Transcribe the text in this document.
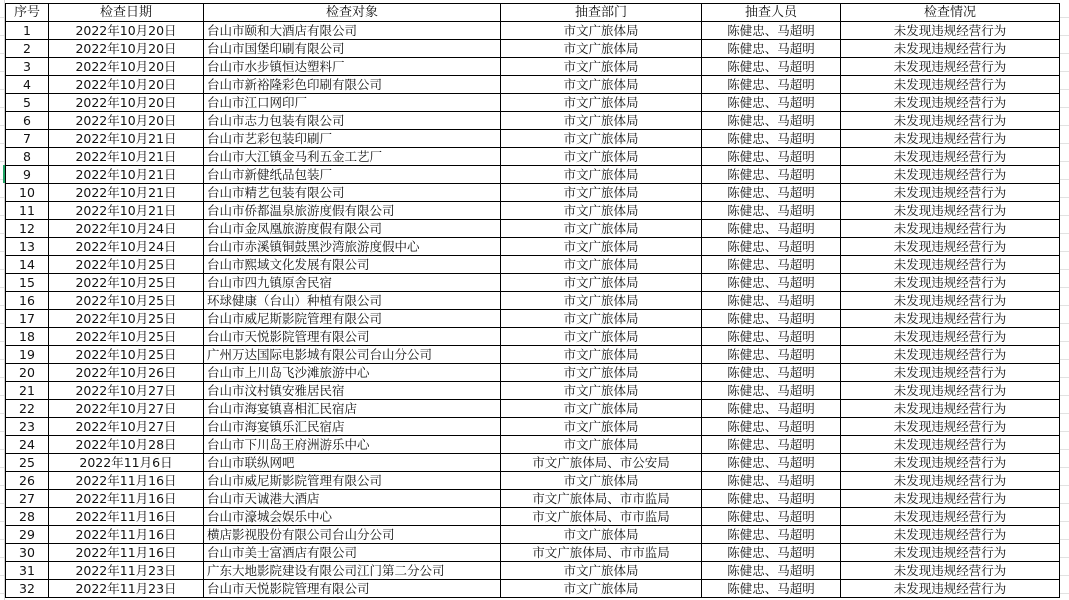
序号	检查日期	检查对象	抽查部门	抽查人员	检查情况
1	2022年10月20日	台山市颐和大酒店有限公司	市文广旅体局	陈健忠、马超明	未发现违规经营行为
2	2022年10月20日	台山市国堡印刷有限公司	市文广旅体局	陈健忠、马超明	未发现违规经营行为
3	2022年10月20日	台山市水步镇恒达塑料厂	市文广旅体局	陈健忠、马超明	未发现违规经营行为
4	2022年10月20日	台山市新裕隆彩色印刷有限公司	市文广旅体局	陈健忠、马超明	未发现违规经营行为
5	2022年10月20日	台山市江口网印厂	市文广旅体局	陈健忠、马超明	未发现违规经营行为
6	2022年10月20日	台山市志力包装有限公司	市文广旅体局	陈健忠、马超明	未发现违规经营行为
7	2022年10月21日	台山市艺彩包装印刷厂	市文广旅体局	陈健忠、马超明	未发现违规经营行为
8	2022年10月21日	台山市大江镇金马利五金工艺厂	市文广旅体局	陈健忠、马超明	未发现违规经营行为
9	2022年10月21日	台山市新健纸品包装厂	市文广旅体局	陈健忠、马超明	未发现违规经营行为
10	2022年10月21日	台山市精艺包装有限公司	市文广旅体局	陈健忠、马超明	未发现违规经营行为
11	2022年10月21日	台山市侨都温泉旅游度假有限公司	市文广旅体局	陈健忠、马超明	未发现违规经营行为
12	2022年10月24日	台山市金凤凰旅游度假有限公司	市文广旅体局	陈健忠、马超明	未发现违规经营行为
13	2022年10月24日	台山市赤溪镇铜鼓黑沙湾旅游度假中心	市文广旅体局	陈健忠、马超明	未发现违规经营行为
14	2022年10月25日	台山市熙域文化发展有限公司	市文广旅体局	陈健忠、马超明	未发现违规经营行为
15	2022年10月25日	台山市四九镇原舍民宿	市文广旅体局	陈健忠、马超明	未发现违规经营行为
16	2022年10月25日	环球健康（台山）种植有限公司	市文广旅体局	陈健忠、马超明	未发现违规经营行为
17	2022年10月25日	台山市威尼斯影院管理有限公司	市文广旅体局	陈健忠、马超明	未发现违规经营行为
18	2022年10月25日	台山市天悦影院管理有限公司	市文广旅体局	陈健忠、马超明	未发现违规经营行为
19	2022年10月25日	广州万达国际电影城有限公司台山分公司	市文广旅体局	陈健忠、马超明	未发现违规经营行为
20	2022年10月26日	台山市上川岛飞沙滩旅游中心	市文广旅体局	陈健忠、马超明	未发现违规经营行为
21	2022年10月27日	台山市汶村镇安雅居民宿	市文广旅体局	陈健忠、马超明	未发现违规经营行为
22	2022年10月27日	台山市海宴镇喜相汇民宿店	市文广旅体局	陈健忠、马超明	未发现违规经营行为
23	2022年10月27日	台山市海宴镇乐汇民宿店	市文广旅体局	陈健忠、马超明	未发现违规经营行为
24	2022年10月28日	台山市下川岛王府洲游乐中心	市文广旅体局	陈健忠、马超明	未发现违规经营行为
25	2022年11月6日	台山市联纵网吧	市文广旅体局、市公安局	陈健忠、马超明	未发现违规经营行为
26	2022年11月16日	台山市威尼斯影院管理有限公司	市文广旅体局	陈健忠、马超明	未发现违规经营行为
27	2022年11月16日	台山市天诚港大酒店	市文广旅体局、市市监局	陈健忠、马超明	未发现违规经营行为
28	2022年11月16日	台山市濠城会娱乐中心	市文广旅体局、市市监局	陈健忠、马超明	未发现违规经营行为
29	2022年11月16日	横店影视股份有限公司台山分公司	市文广旅体局	陈健忠、马超明	未发现违规经营行为
30	2022年11月16日	台山市美士富酒店有限公司	市文广旅体局、市市监局	陈健忠、马超明	未发现违规经营行为
31	2022年11月23日	广东大地影院建设有限公司江门第二分公司	市文广旅体局	陈健忠、马超明	未发现违规经营行为
32	2022年11月23日	台山市天悦影院管理有限公司	市文广旅体局	陈健忠、马超明	未发现违规经营行为
